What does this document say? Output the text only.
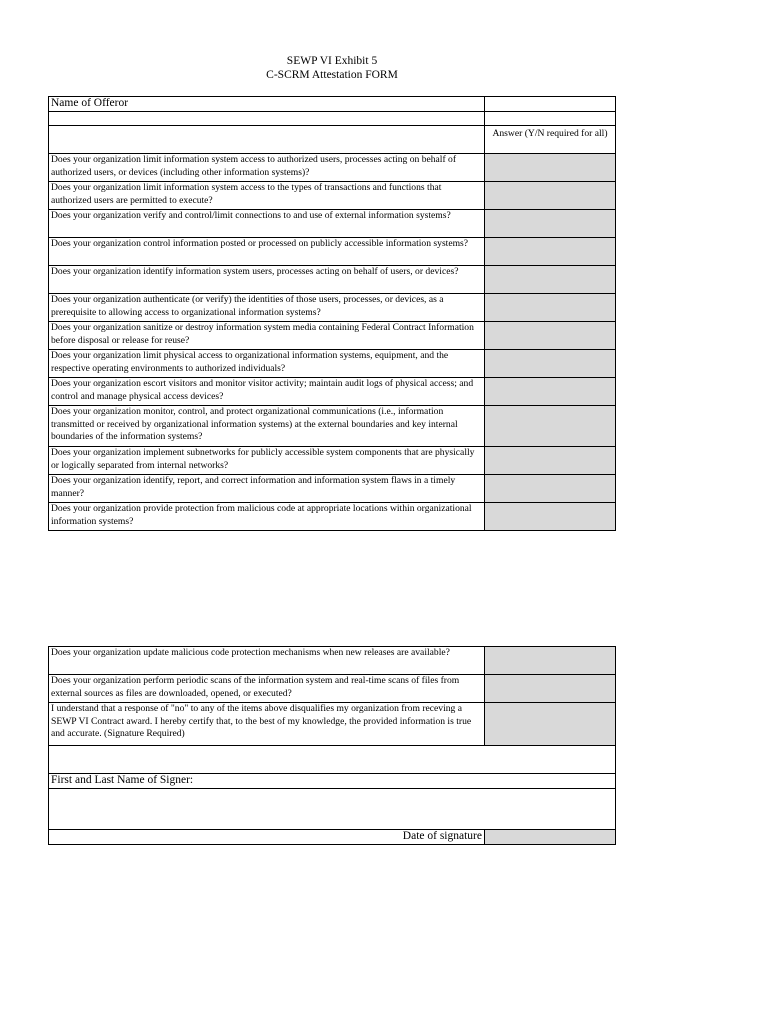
SEWP VI Exhibit 5
C-SCRM Attestation FORM
Name of Offeror	

	Answer (Y/N required for all)
Does your organization limit information system access to authorized users, processes acting on behalf of authorized users, or devices (including other information systems)?	
Does your organization limit information system access to the types of transactions and functions that authorized users are permitted to execute?	
Does your organization verify and control/limit connections to and use of external information systems?	
Does your organization control information posted or processed on publicly accessible information systems?	
Does your organization identify information system users, processes acting on behalf of users, or devices?	
Does your organization authenticate (or verify) the identities of those users, processes, or devices, as a prerequisite to allowing access to organizational information systems?	
Does your organization sanitize or destroy information system media containing Federal Contract Information before disposal or release for reuse?	
Does your organization limit physical access to organizational information systems, equipment, and the respective operating environments to authorized individuals?	
Does your organization escort visitors and monitor visitor activity; maintain audit logs of physical access; and control and manage physical access devices?	
Does your organization monitor, control, and protect organizational communications (i.e., information transmitted or received by organizational information systems) at the external boundaries and key internal boundaries of the information systems?	
Does your organization implement subnetworks for publicly accessible system components that are physically or logically separated from internal networks?	
Does your organization identify, report, and correct information and information system flaws in a timely manner?	
Does your organization provide protection from malicious code at appropriate locations within organizational information systems?	
Does your organization update malicious code protection mechanisms when new releases are available?	
Does your organization perform periodic scans of the information system and real-time scans of files from external sources as files are downloaded, opened, or executed?	
I understand that a response of "no" to any of the items above disqualifies my organization from receving a SEWP VI Contract award. I hereby certify that, to the best of my knowledge, the provided information is true and accurate. (Signature Required)	

First and Last Name of Signer:	

Date of signature	
